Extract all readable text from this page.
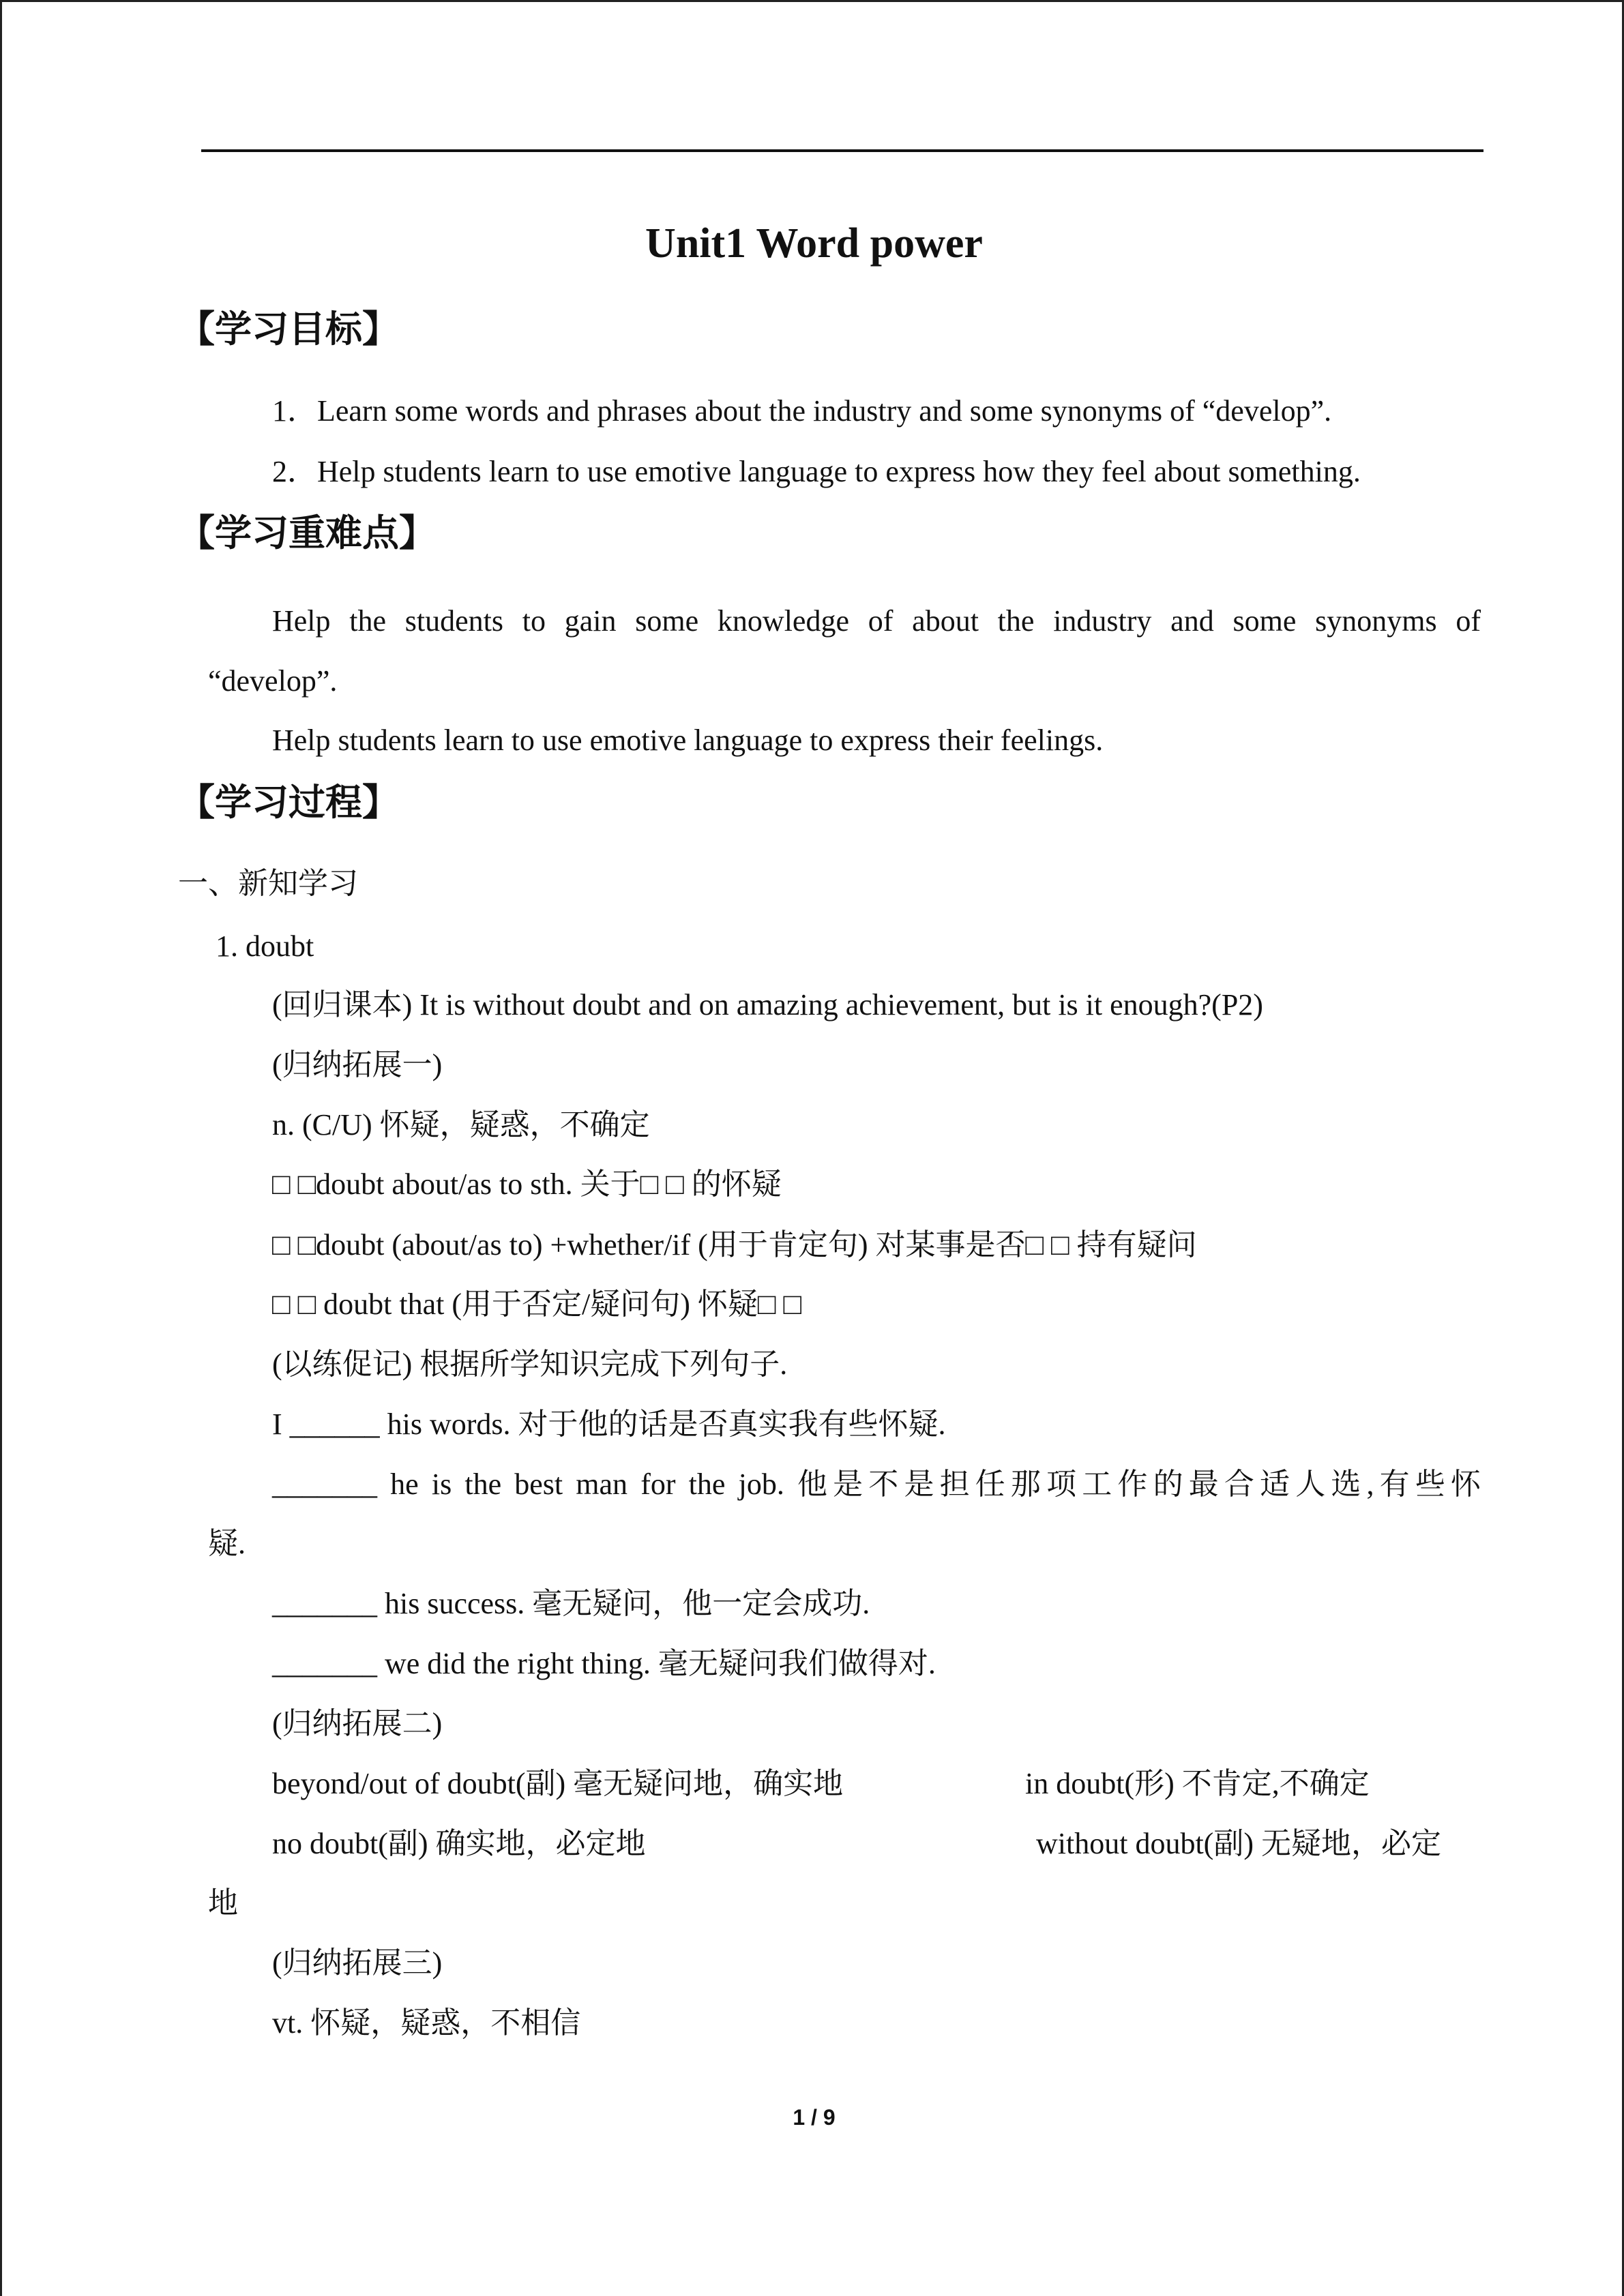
Unit1 Word power
【学习目标】
1．Learn some words and phrases about the industry and some synonyms of “develop”.
2．Help students learn to use emotive language to express how they feel about something.
【学习重难点】
Help the students to gain some knowledge of about the industry and some synonyms of
“develop”.
Help students learn to use emotive language to express their feelings.
【学习过程】
一、新知学习
1. doubt
(回归课本) It is without doubt and on amazing achievement, but is it enough?(P2)
(归纳拓展一)
n. (C/U) 怀疑，疑惑，不确定
□ □doubt about/as to sth. 关于□ □ 的怀疑
□ □doubt (about/as to) +whether/if (用于肯定句) 对某事是否□ □ 持有疑问
□ □ doubt that (用于否定/疑问句) 怀疑□ □
(以练促记) 根据所学知识完成下列句子.
I ______ his words. 对于他的话是否真实我有些怀疑.
_______ he is the best man for the job. 他是不是担任那项工作的最合适人选,有些怀
疑.
_______ his success. 毫无疑问，他一定会成功.
_______ we did the right thing. 毫无疑问我们做得对.
(归纳拓展二)
beyond/out of doubt(副) 毫无疑问地，确实地	in doubt(形) 不肯定,不确定
no doubt(副) 确实地，必定地	without doubt(副) 无疑地，必定
地
(归纳拓展三)
vt. 怀疑，疑惑，不相信
1 / 9
